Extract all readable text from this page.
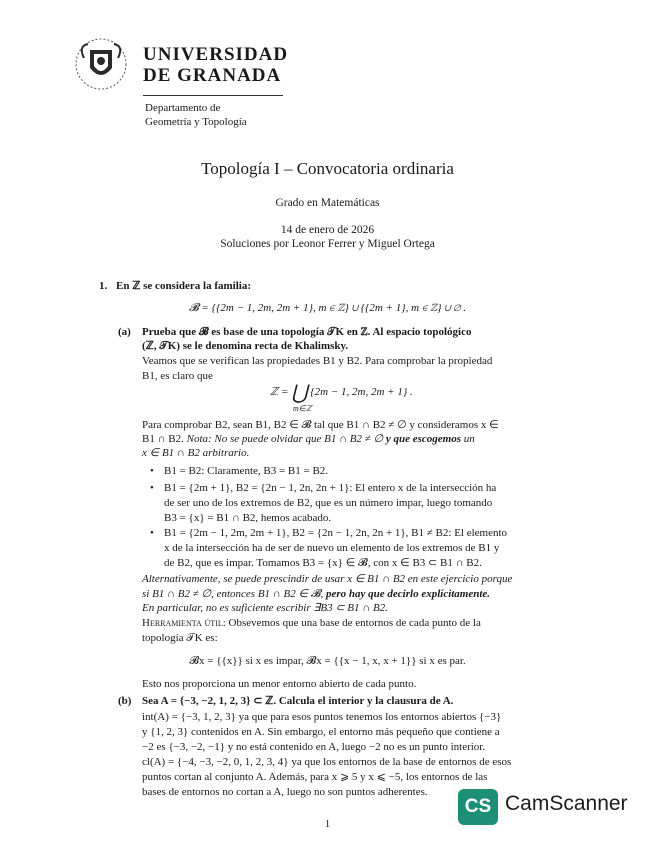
UNIVERSIDAD
DE GRANADA
Departamento de
Geometría y Topología
Topología I – Convocatoria ordinaria
Grado en Matemáticas
14 de enero de 2026
Soluciones por Leonor Ferrer y Miguel Ortega
1. En ℤ se considera la familia:
𝓑 = {{2m − 1, 2m, 2m + 1}, m ∈ ℤ} ∪ {{2m + 1}, m ∈ ℤ} ∪ ∅ .
(a) Prueba que 𝓑 es base de una topología 𝒯K en ℤ. Al espacio topológico
(ℤ, 𝒯K) se le denomina recta de Khalimsky.
Veamos que se verifican las propiedades B1 y B2. Para comprobar la propiedad
B1, es claro que
ℤ = ⋃ {2m − 1, 2m, 2m + 1} .
m∈ℤ
Para comprobar B2, sean B1, B2 ∈ 𝓑 tal que B1 ∩ B2 ≠ ∅ y consideramos x ∈
B1 ∩ B2. Nota: No se puede olvidar que B1 ∩ B2 ≠ ∅ y que escogemos un
x ∈ B1 ∩ B2 arbitrario.
• B1 = B2: Claramente, B3 = B1 = B2.
• B1 = {2m + 1}, B2 = {2n − 1, 2n, 2n + 1}: El entero x de la intersección ha
de ser uno de los extremos de B2, que es un número impar, luego tomando
B3 = {x} = B1 ∩ B2, hemos acabado.
• B1 = {2m − 1, 2m, 2m + 1}, B2 = {2n − 1, 2n, 2n + 1}, B1 ≠ B2: El elemento
x de la intersección ha de ser de nuevo un elemento de los extremos de B1 y
de B2, que es impar. Tomamos B3 = {x} ∈ 𝓑, con x ∈ B3 ⊂ B1 ∩ B2.
Alternativamente, se puede prescindir de usar x ∈ B1 ∩ B2 en este ejercicio porque
si B1 ∩ B2 ≠ ∅, entonces B1 ∩ B2 ∈ 𝓑, pero hay que decirlo explícitamente.
En particular, no es suficiente escribir ∃B3 ⊂ B1 ∩ B2.
Herramienta útil: Obsevemos que una base de entornos de cada punto de la
topología 𝒯K es:
𝓑x = {{x}} si x es impar, 𝓑x = {{x − 1, x, x + 1}} si x es par.
Esto nos proporciona un menor entorno abierto de cada punto.
(b) Sea A = {−3, −2, 1, 2, 3} ⊂ ℤ. Calcula el interior y la clausura de A.
int(A) = {−3, 1, 2, 3} ya que para esos puntos tenemos los entornos abiertos {−3}
y {1, 2, 3} contenidos en A. Sin embargo, el entorno más pequeño que contiene a
−2 es {−3, −2, −1} y no está contenido en A, luego −2 no es un punto interior.
cl(A) = {−4, −3, −2, 0, 1, 2, 3, 4} ya que los entornos de la base de entornos de esos
puntos cortan al conjunto A. Además, para x ⩾ 5 y x ⩽ −5, los entornos de las
bases de entornos no cortan a A, luego no son puntos adherentes.
CS CamScanner
1
